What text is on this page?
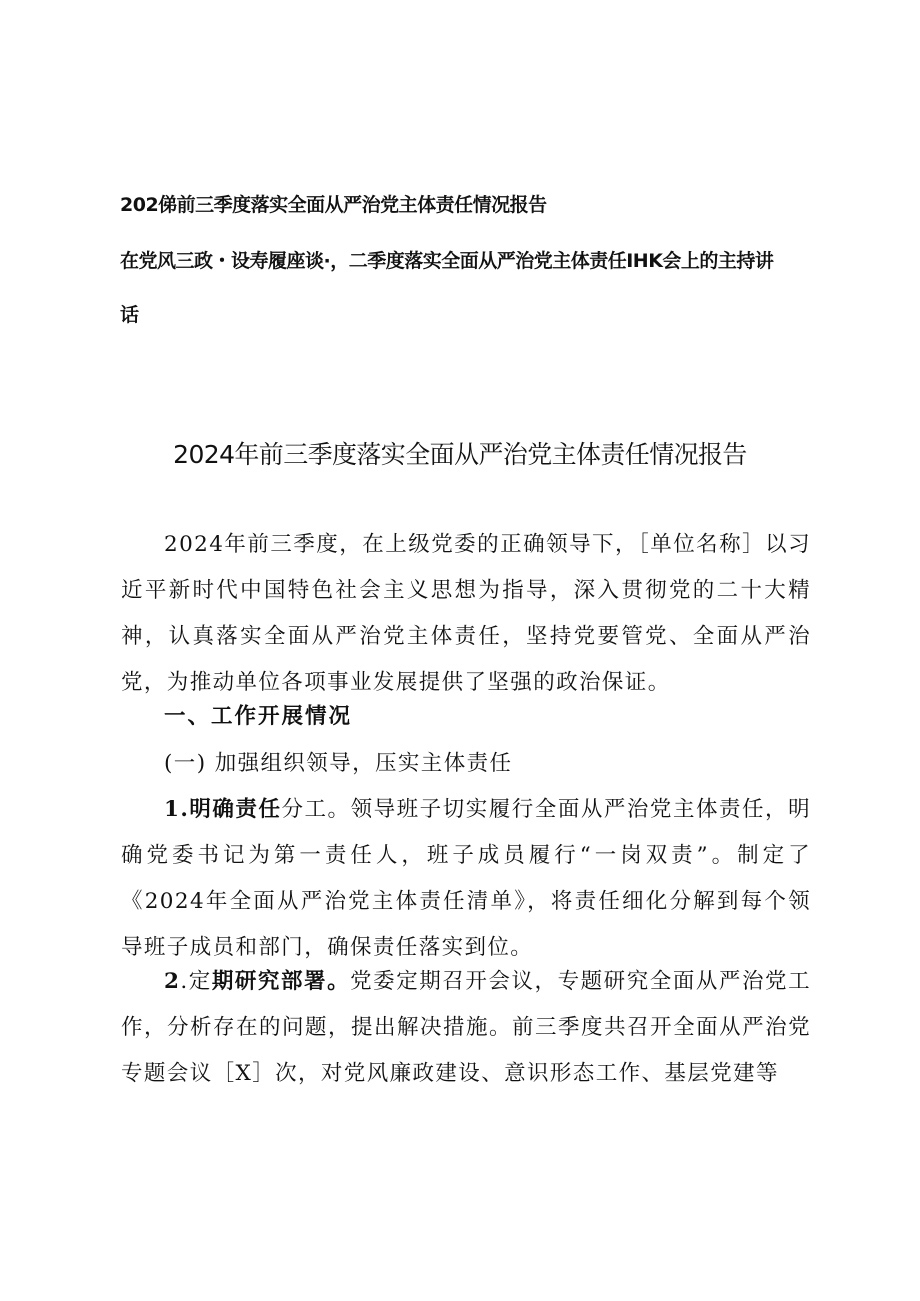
202俤前三季度落实全面从严治党主体责任情况报告
在党风三政・设寿履座谈·，二季度落实全面从严治党主体责任IHK会上的主持讲
话
2024年前三季度落实全面从严治党主体责任情况报告

2024年前三季度，在上级党委的正确领导下，［单位名称］以习近平新时代中国特色社会主义思想为指导，深入贯彻党的二十大精神，认真落实全面从严治党主体责任，坚持党要管党、全面从严治党，为推动单位各项事业发展提供了坚强的政治保证。

一、工作开展情况

(一) 加强组织领导，压实主体责任

1.明确责任分工。领导班子切实履行全面从严治党主体责任，明确党委书记为第一责任人，班子成员履行“一岗双责”。制定了《2024年全面从严治党主体责任清单》，将责任细化分解到每个领导班子成员和部门，确保责任落实到位。

2.定期研究部署。党委定期召开会议，专题研究全面从严治党工作，分析存在的问题，提出解决措施。前三季度共召开全面从严治党专题会议［X］次，对党风廉政建设、意识形态工作、基层党建等
